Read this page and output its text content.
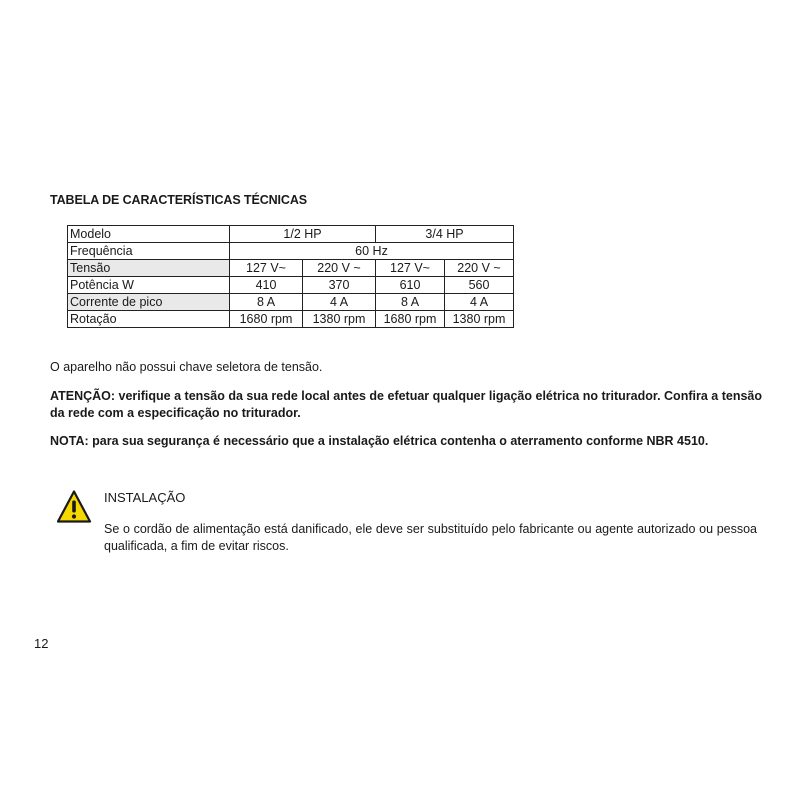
TABELA DE CARACTERÍSTICAS TÉCNICAS
Modelo	1/2 HP		3/4 HP	
Frequência	60 Hz			
Tensão	127 V~	220 V ~	127 V~	220 V ~
Potência W	410	370	610	560
Corrente de pico	8 A	4 A	8 A	4 A
Rotação	1680 rpm	1380 rpm	1680 rpm	1380 rpm
O aparelho não possui chave seletora de tensão.
ATENÇÃO: verifique a tensão da sua rede local antes de efetuar qualquer ligação elétrica no triturador. Confira a tensão da rede com a especificação no triturador.
NOTA: para sua segurança é necessário que a instalação elétrica contenha o aterramento conforme NBR 4510.
INSTALAÇÃO
Se o cordão de alimentação está danificado, ele deve ser substituído pelo fabricante ou agente autorizado ou pessoa qualificada, a fim de evitar riscos.
12
